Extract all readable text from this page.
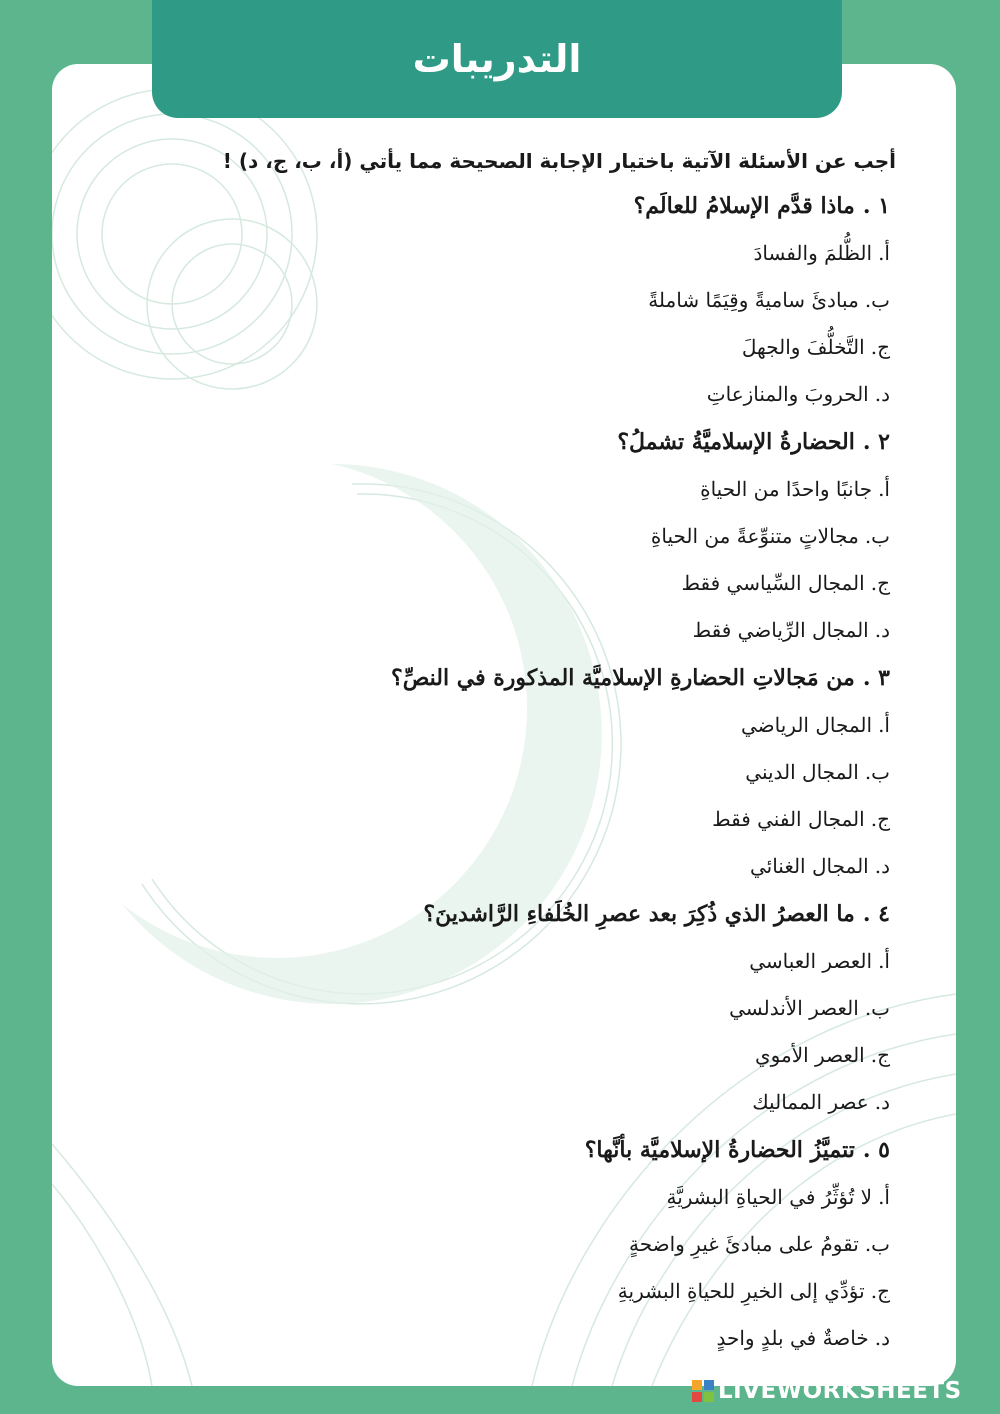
التدريبات
أجب عن الأسئلة الآتية باختيار الإجابة الصحيحة مما يأتي (أ، ب، ج، د) !
١ .ماذا قدَّم الإسلامُ للعالَم؟
أ.الظُّلمَ والفسادَ
ب.مبادئَ ساميةً وقِيَمًا شاملةً
ج.التَّخلُّفَ والجهلَ
د.الحروبَ والمنازعاتِ
٢ .الحضارةُ الإسلاميَّةُ تشملُ؟
أ.جانبًا واحدًا من الحياةِ
ب.مجالاتٍ متنوِّعةً من الحياةِ
ج.المجال السِّياسي فقط
د.المجال الرِّياضي فقط
٣ .من مَجالاتِ الحضارةِ الإسلاميَّة المذكورة في النصِّ؟
أ.المجال الرياضي
ب.المجال الديني
ج.المجال الفني فقط
د.المجال الغنائي
٤ .ما العصرُ الذي ذُكِرَ بعد عصرِ الخُلَفاءِ الرَّاشدينَ؟
أ.العصر العباسي
ب.العصر الأندلسي
ج.العصر الأموي
د.عصر المماليك
٥ .تتميَّزُ الحضارةُ الإسلاميَّة بأنَّها؟
أ.لا تُؤثِّرُ في الحياةِ البشريَّةِ
ب.تقومُ على مبادئَ غيرِ واضحةٍ
ج.تؤدِّي إلى الخيرِ للحياةِ البشريةِ
د.خاصةٌ في بلدٍ واحدٍ
LIVEWORKSHEETS
